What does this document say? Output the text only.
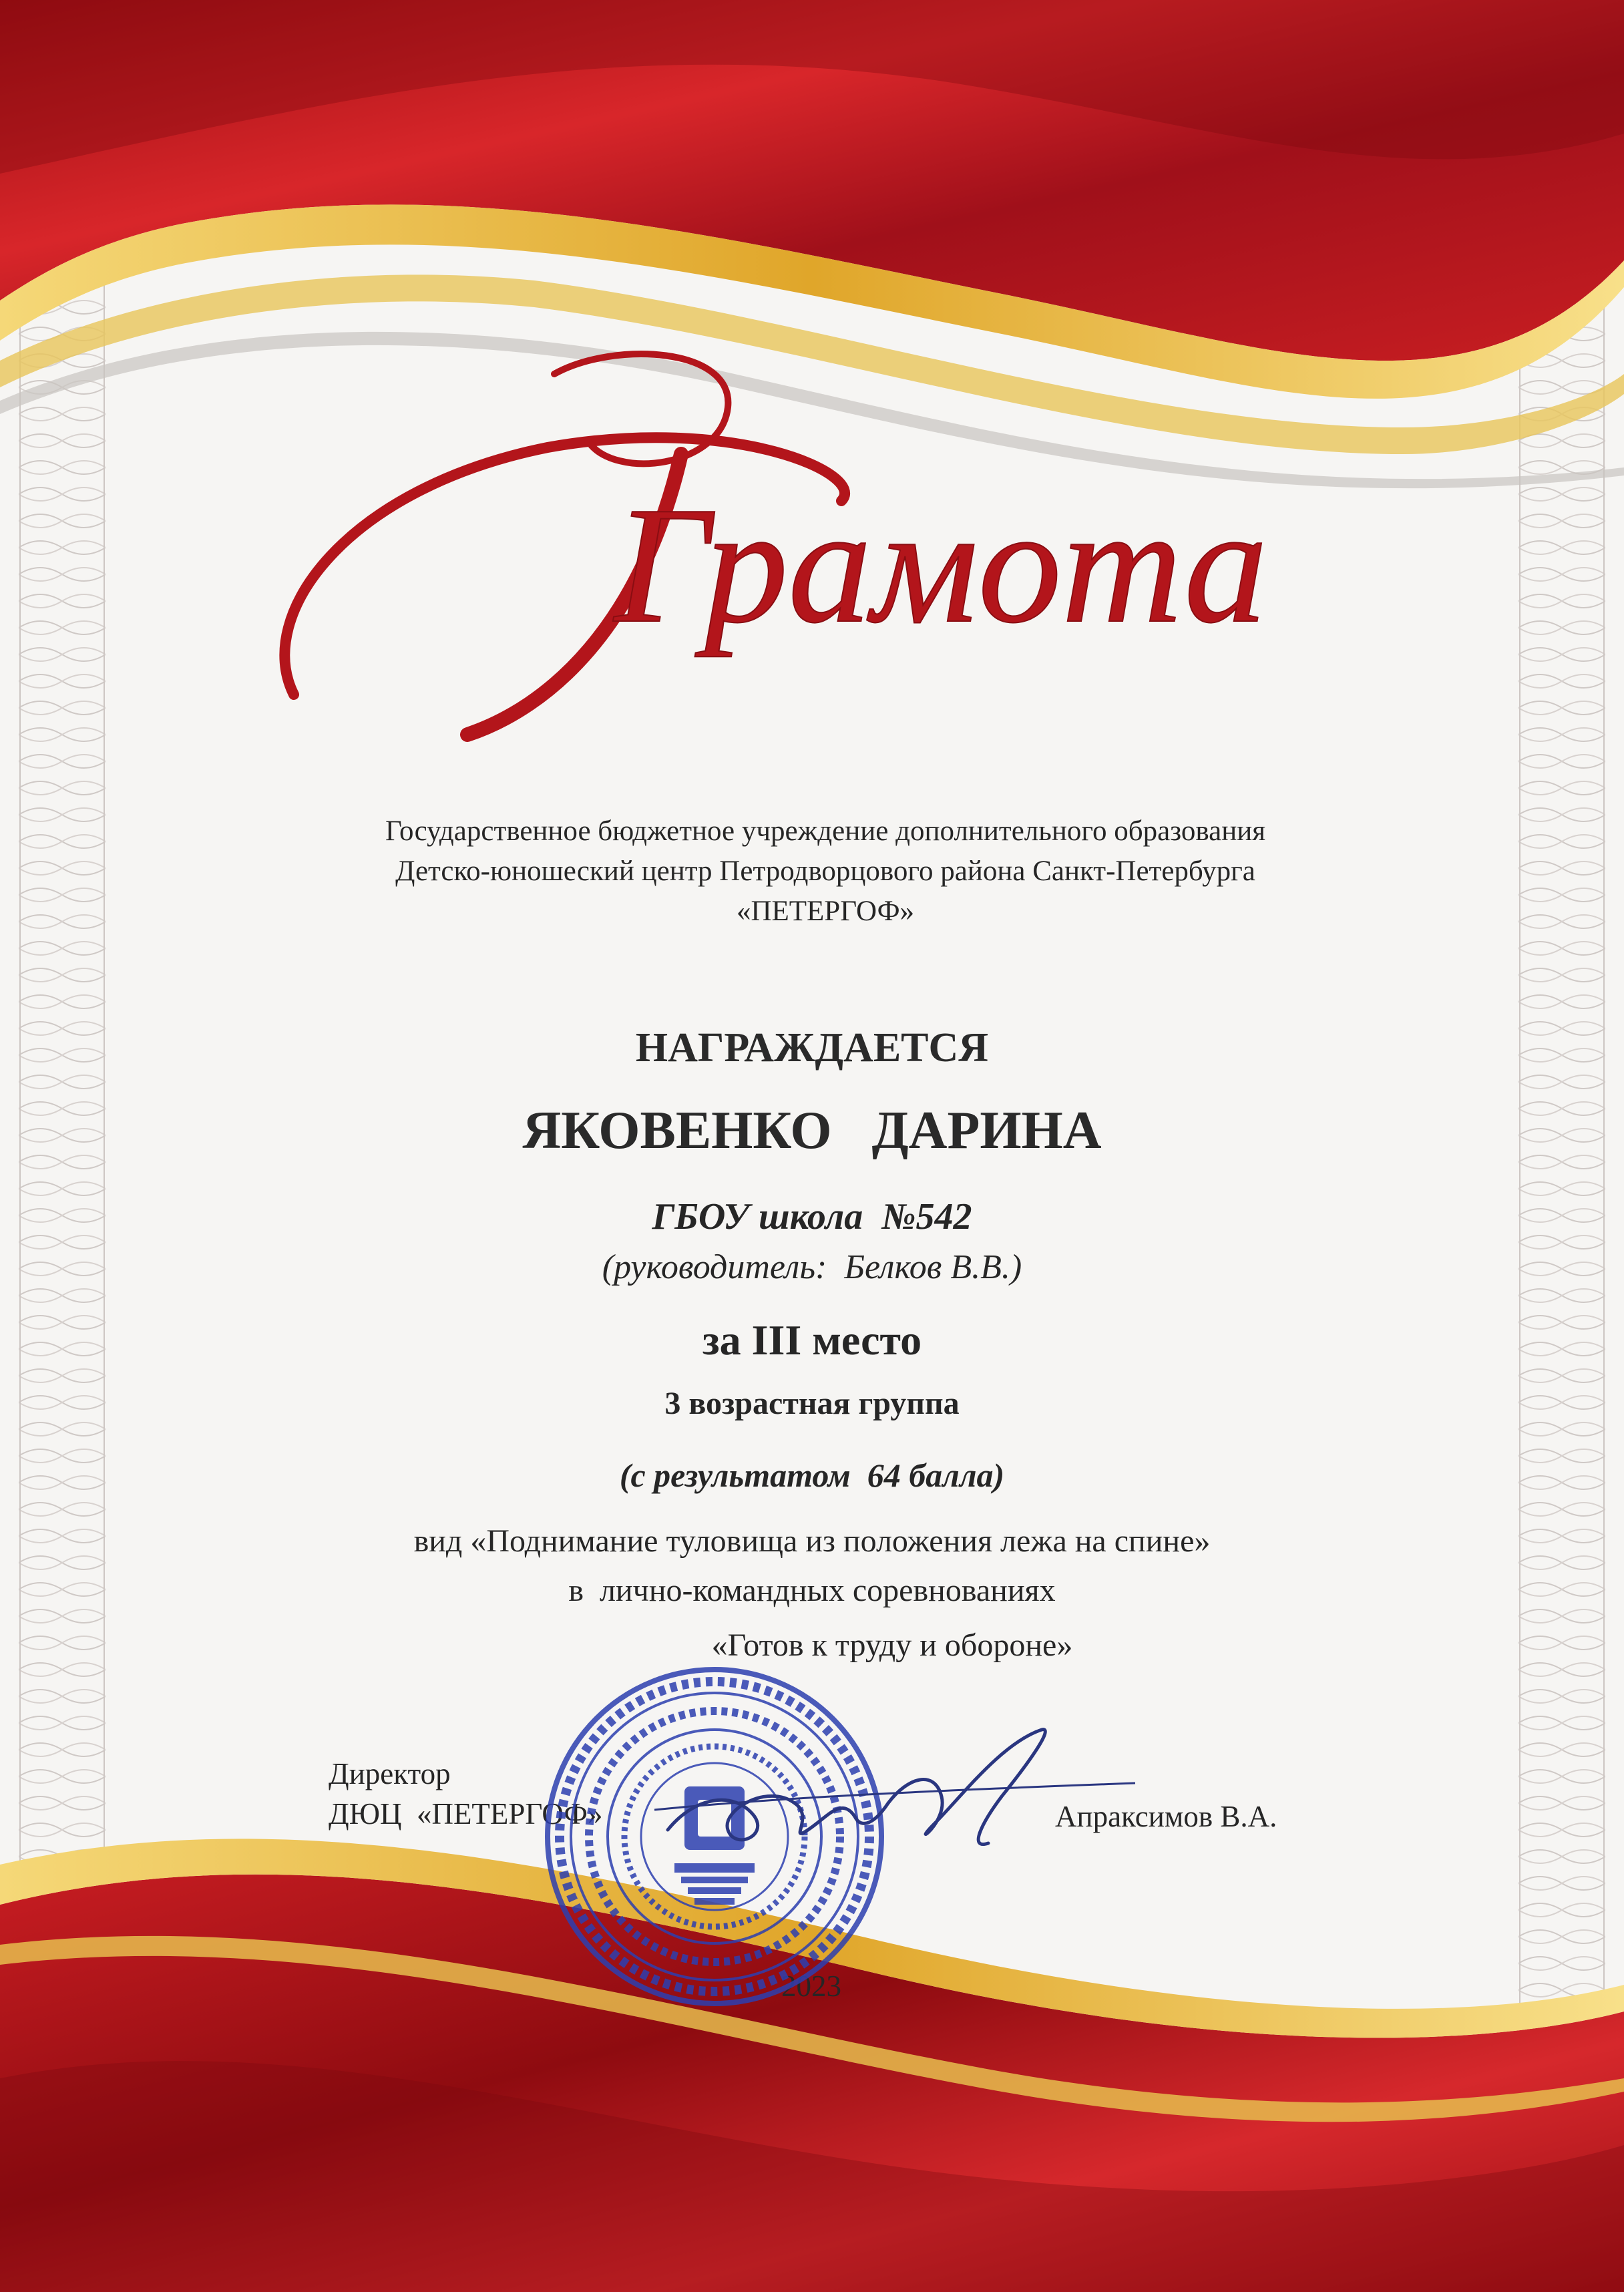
Грамота
Государственное бюджетное учреждение дополнительного образования
Детско-юношеский центр Петродворцового района Санкт-Петербурга
«ПЕТЕРГОФ»
НАГРАЖДАЕТСЯ
ЯКОВЕНКО   ДАРИНА
ГБОУ школа  №542
(руководитель:  Белков В.В.)
за III место
3 возрастная группа
(с результатом  64 балла)
вид «Поднимание туловища из положения лежа на спине»
в  лично-командных соревнованиях
«Готов к труду и обороне»
Директор
ДЮЦ  «ПЕТЕРГОФ»	Апраксимов В.А.
2023
